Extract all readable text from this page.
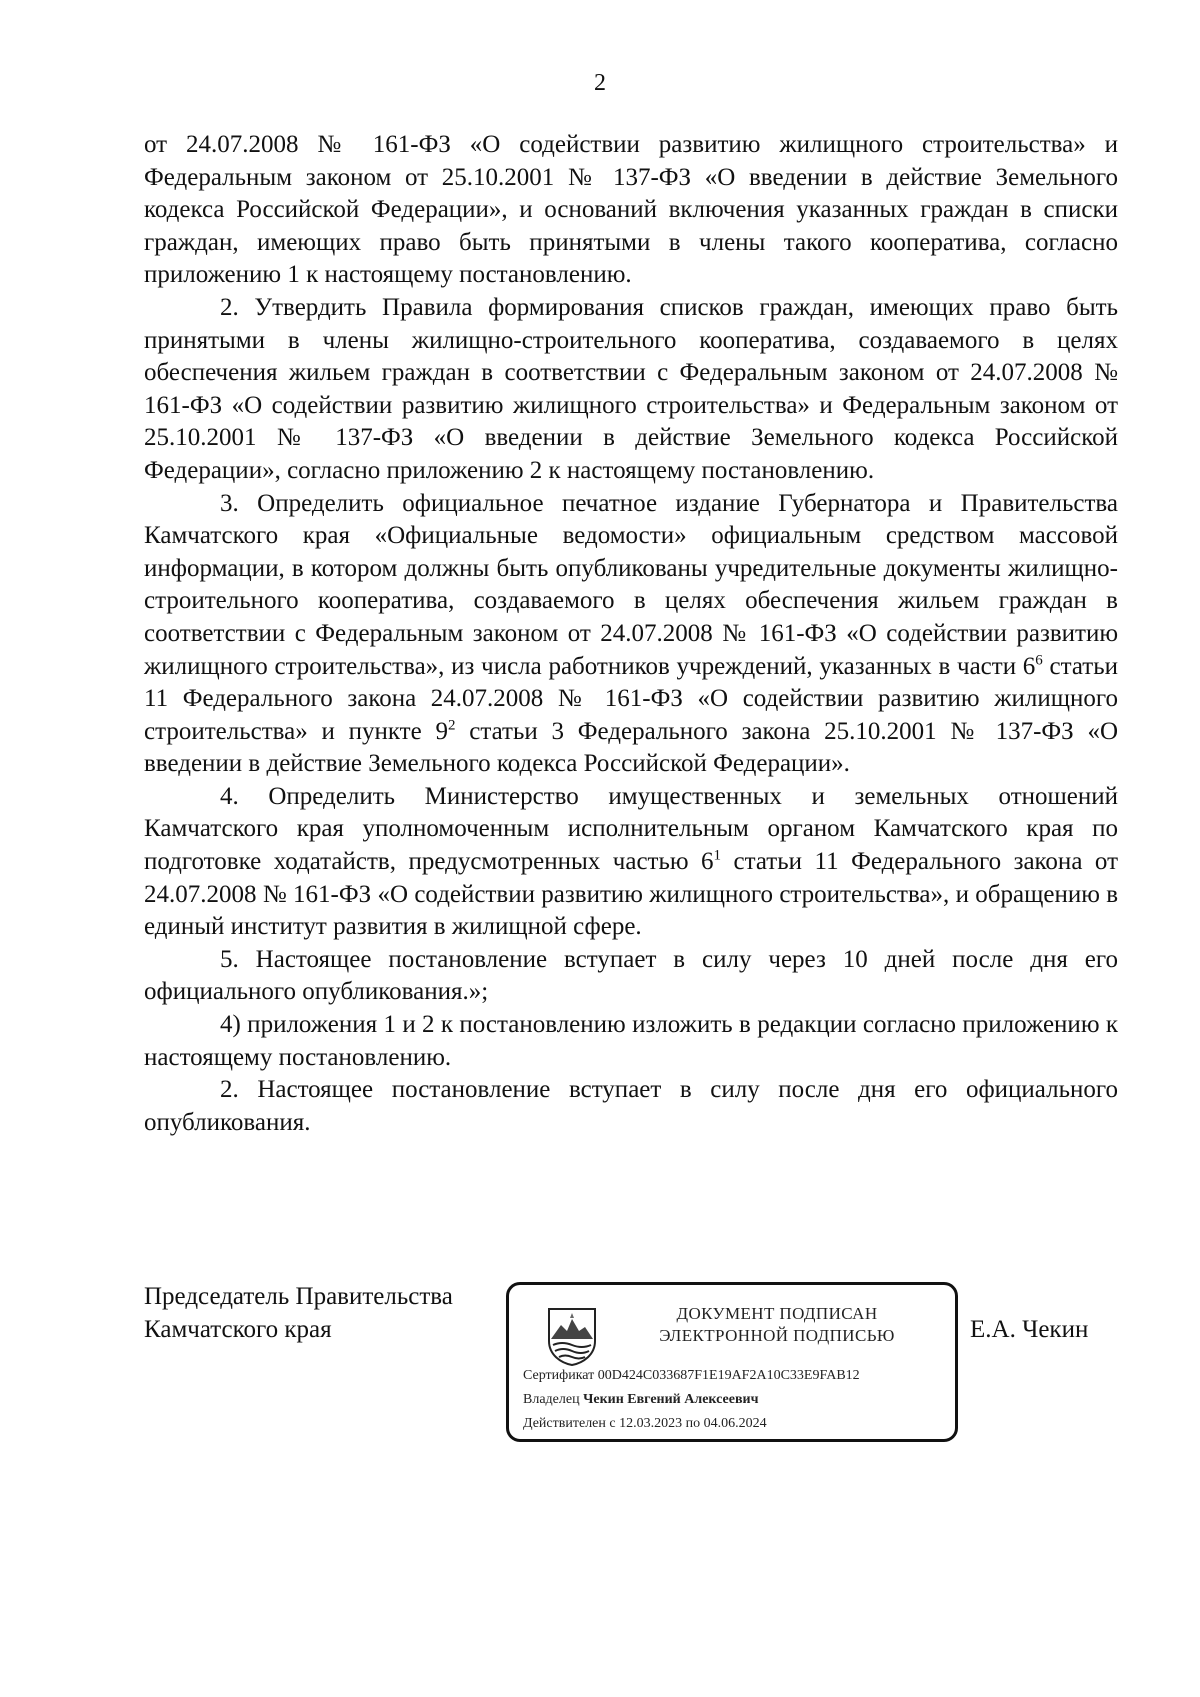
2

от 24.07.2008 № 161-ФЗ «О содействии развитию жилищного строительства» и Федеральным законом от 25.10.2001 № 137-ФЗ «О введении в действие Земельного кодекса Российской Федерации», и оснований включения указанных граждан в списки граждан, имеющих право быть принятыми в члены такого кооператива, согласно приложению 1 к настоящему постановлению.

2. Утвердить Правила формирования списков граждан, имеющих право быть принятыми в члены жилищно-строительного кооператива, создаваемого в целях обеспечения жильем граждан в соответствии с Федеральным законом от 24.07.2008 № 161-ФЗ «О содействии развитию жилищного строительства» и Федеральным законом от 25.10.2001 № 137-ФЗ «О введении в действие Земельного кодекса Российской Федерации», согласно приложению 2 к настоящему постановлению.

3. Определить официальное печатное издание Губернатора и Правительства Камчатского края «Официальные ведомости» официальным средством массовой информации, в котором должны быть опубликованы учредительные документы жилищно-строительного кооператива, создаваемого в целях обеспечения жильем граждан в соответствии с Федеральным законом от 24.07.2008 № 161-ФЗ «О содействии развитию жилищного строительства», из числа работников учреждений, указанных в части $6^6$ статьи 11 Федерального закона 24.07.2008 № 161-ФЗ «О содействии развитию жилищного строительства» и пункте $9^2$ статьи 3 Федерального закона 25.10.2001 № 137-ФЗ «О введении в действие Земельного кодекса Российской Федерации».

4. Определить Министерство имущественных и земельных отношений Камчатского края уполномоченным исполнительным органом Камчатского края по подготовке ходатайств, предусмотренных частью $6^1$ статьи 11 Федерального закона от 24.07.2008 № 161-ФЗ «О содействии развитию жилищного строительства», и обращению в единый институт развития в жилищной сфере.

5. Настоящее постановление вступает в силу через 10 дней после дня его официального опубликования.»;

4) приложения 1 и 2 к постановлению изложить в редакции согласно приложению к настоящему постановлению.

2. Настоящее постановление вступает в силу после дня его официального опубликования.

Председатель Правительства
Камчатского края
ДОКУМЕНТ ПОДПИСАН
ЭЛЕКТРОННОЙ ПОДПИСЬЮ
Сертификат 00D424C033687F1E19AF2A10C33E9FAB12
Владелец Чекин Евгений Алексеевич
Действителен с 12.03.2023 по 04.06.2024
Е.А. Чекин
